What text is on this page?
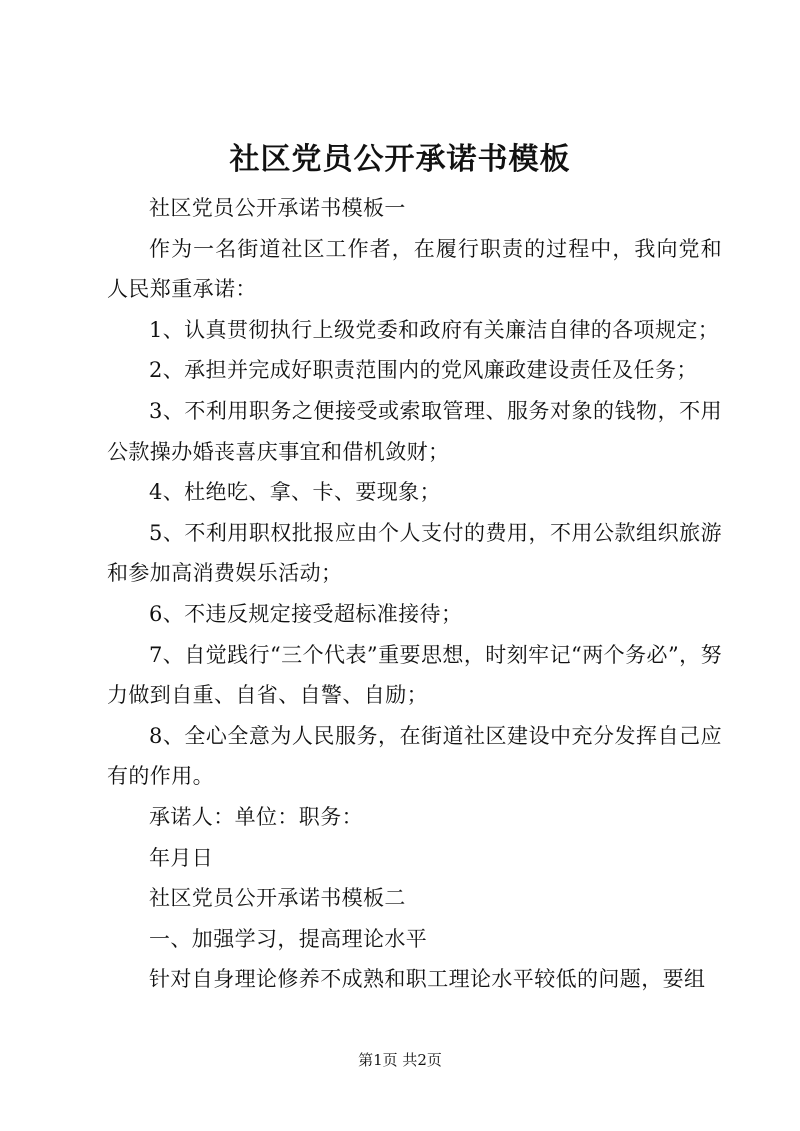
社区党员公开承诺书模板

社区党员公开承诺书模板一

作为一名街道社区工作者，在履行职责的过程中，我向党和人民郑重承诺：

1、认真贯彻执行上级党委和政府有关廉洁自律的各项规定；

2、承担并完成好职责范围内的党风廉政建设责任及任务；

3、不利用职务之便接受或索取管理、服务对象的钱物，不用公款操办婚丧喜庆事宜和借机敛财；

4、杜绝吃、拿、卡、要现象；

5、不利用职权批报应由个人支付的费用，不用公款组织旅游和参加高消费娱乐活动；

6、不违反规定接受超标准接待；

7、自觉践行“三个代表”重要思想，时刻牢记“两个务必”，努力做到自重、自省、自警、自励；

8、全心全意为人民服务，在街道社区建设中充分发挥自己应有的作用。

承诺人：单位：职务：

年月日

社区党员公开承诺书模板二

一、加强学习，提高理论水平

针对自身理论修养不成熟和职工理论水平较低的问题，要组

第1页 共2页
